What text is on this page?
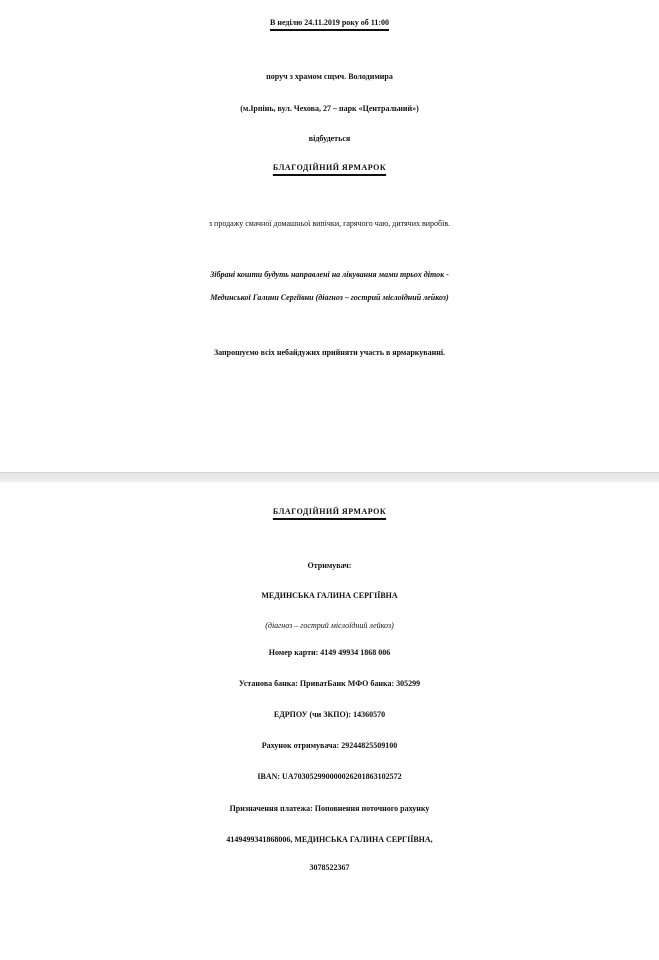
В неділю 24.11.2019 року об 11:00
поруч з храмом сщмч. Володимира
(м.Ірпінь, вул. Чехова, 27 – парк «Центральний»)
відбудеться
БЛАГОДІЙНИЙ ЯРМАРОК
з продажу смачної домашньої випічки, гарячого чаю, дитячих виробів.
Зібрані кошти будуть направлені на лікування мами трьох діток -
Мединської Галини Сергіївни (діагноз – гострий мієлоїдний лейкоз)
Запрошуємо всіх небайдужих прийняти участь в ярмаркуванні.
БЛАГОДІЙНИЙ ЯРМАРОК
Отримувач:
МЕДИНСЬКА ГАЛИНА СЕРГІЇВНА
(діагноз – гострий мієлоїдний лейкоз)
Номер карти: 4149 49934 1868 006
Установа банка: ПриватБанк МФО банка: 305299
ЕДРПОУ (чи ЗКПО): 14360570
Рахунок отримувача: 29244825509100
IBAN: UA703052990000026201863102572
Призначення платежа: Поповнення поточного рахунку
4149499341868006, МЕДИНСЬКА ГАЛИНА СЕРГІЇВНА,
3078522367
